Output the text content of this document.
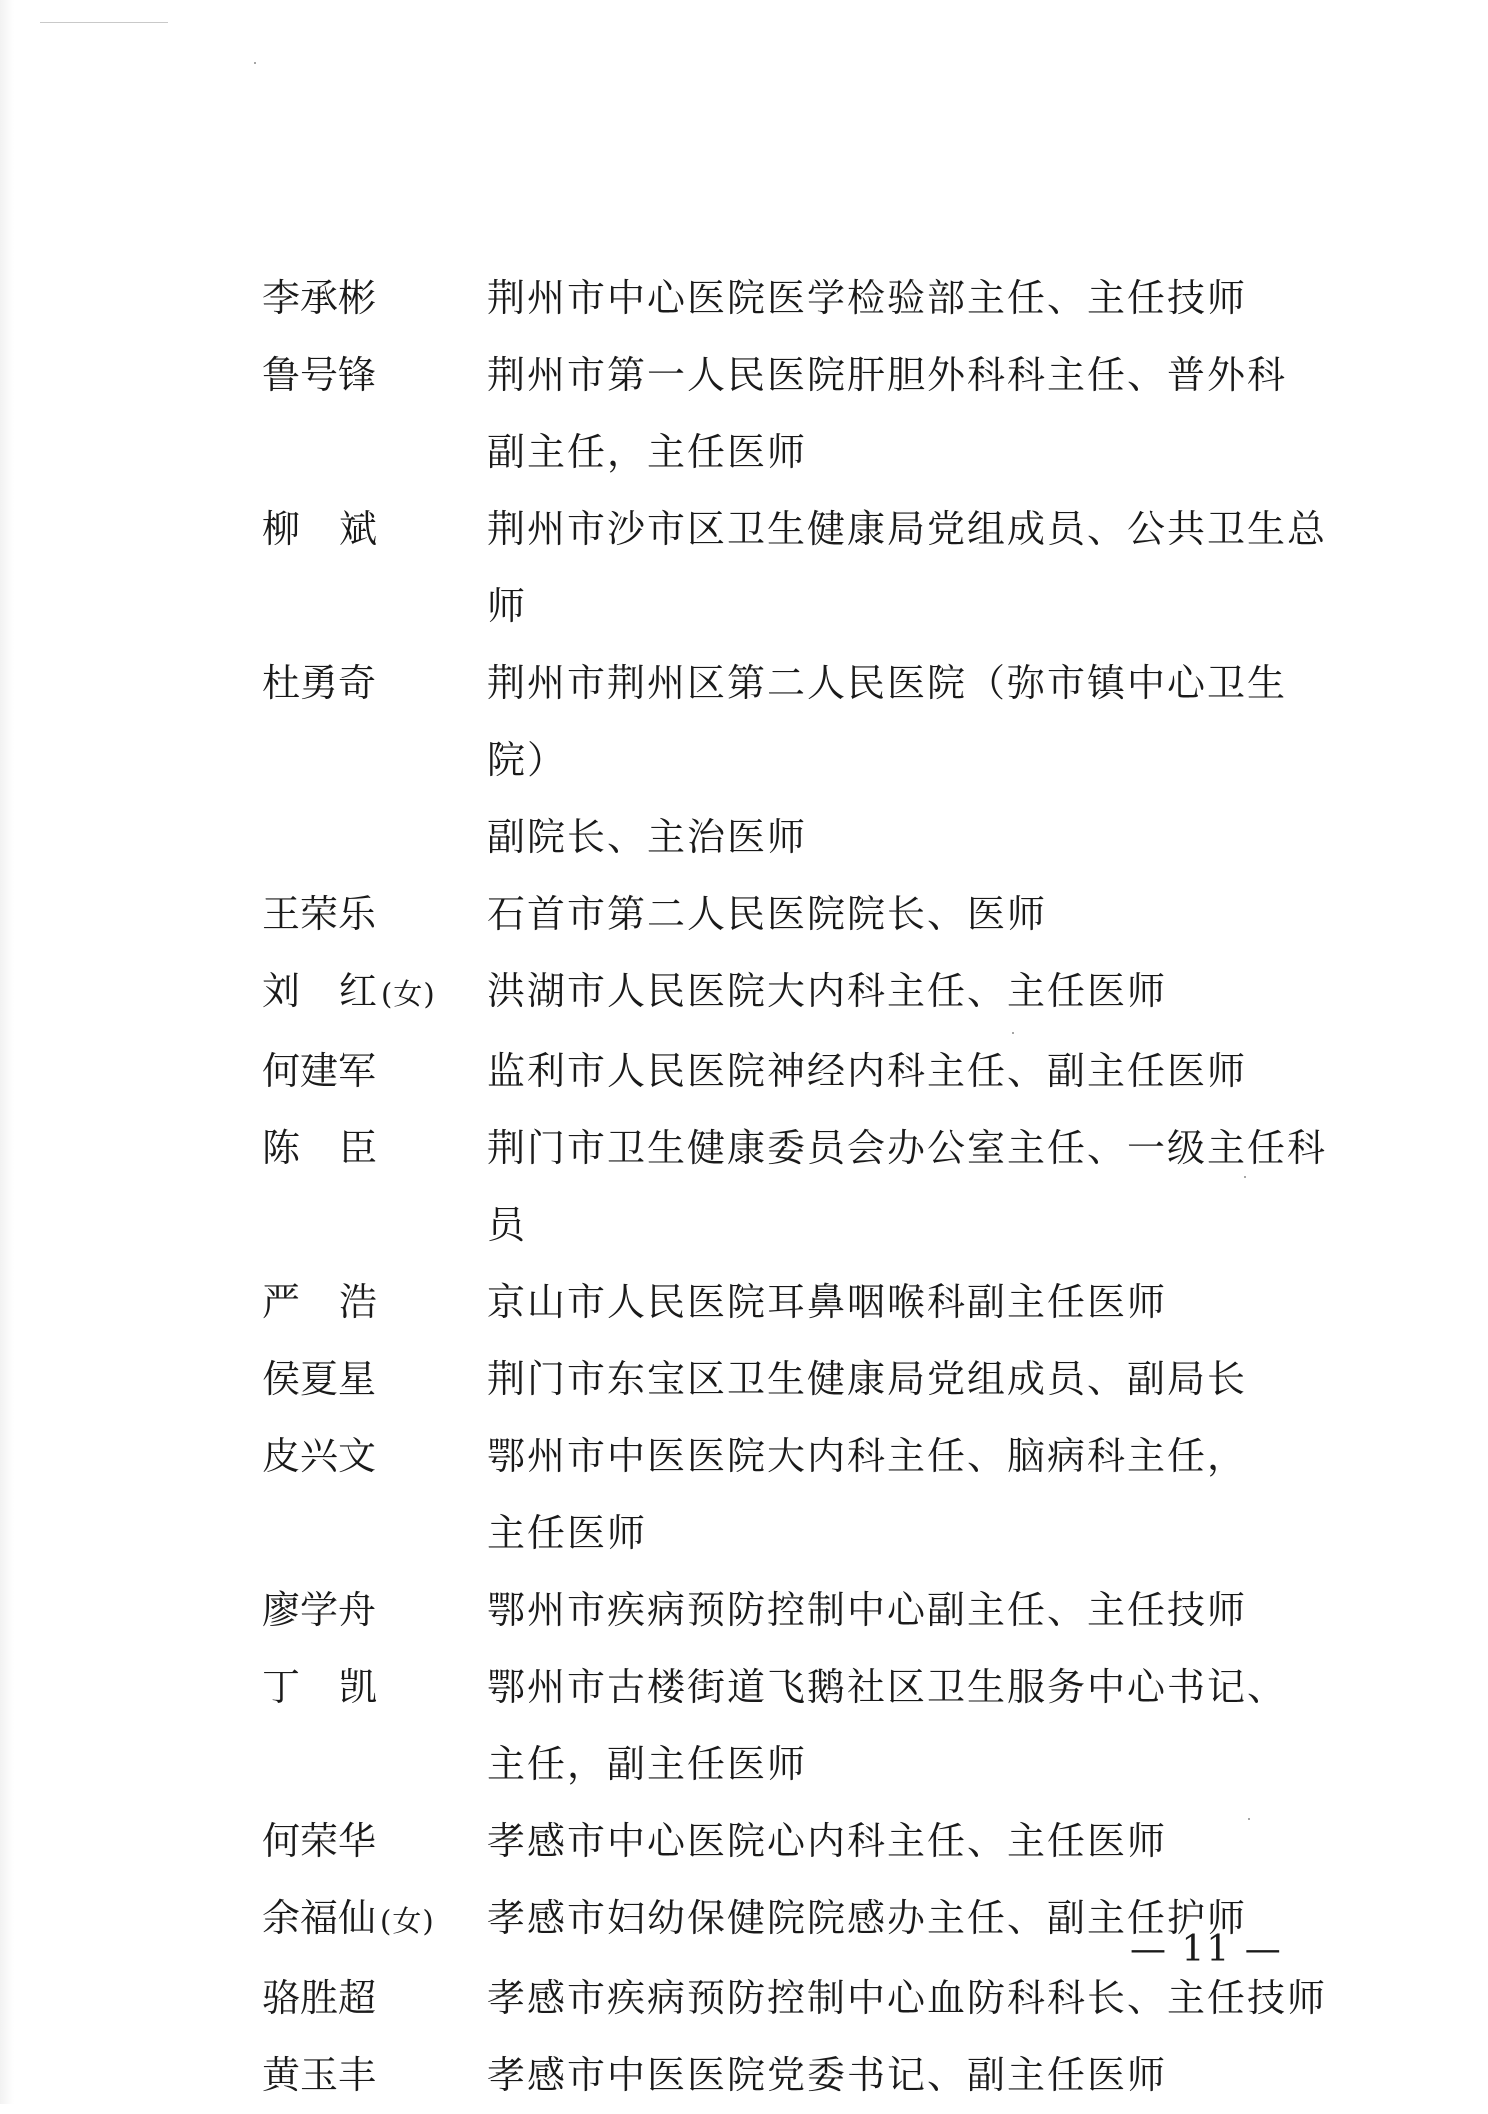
李 承 彬	荆州市中心医院医学检验部主任、主任技师
鲁 号 锋	荆州市第一人民医院肝胆外科科主任、普外科
副主任，主任医师
柳 斌	荆州市沙市区卫生健康局党组成员、公共卫生总师
杜 勇 奇	荆州市荆州区第二人民医院（弥市镇中心卫生院）
副院长、主治医师
王 荣 乐	石首市第二人民医院院长、医师
刘 红 (女) 洪湖市人民医院大内科主任、主任医师
何 建 军	监利市人民医院神经内科主任、副主任医师
陈 臣	荆门市卫生健康委员会办公室主任、一级主任科员
严 浩	京山市人民医院耳鼻咽喉科副主任医师
侯 夏 星	荆门市东宝区卫生健康局党组成员、副局长
皮 兴 文	鄂州市中医医院大内科主任、脑病科主任，
主任医师
廖 学 舟	鄂州市疾病预防控制中心副主任、主任技师
丁 凯	鄂州市古楼街道飞鹅社区卫生服务中心书记、
主任，副主任医师
何 荣 华	孝感市中心医院心内科主任、主任医师
余 福 仙 (女) 孝感市妇幼保健院院感办主任、副主任护师
骆 胜 超	孝感市疾病预防控制中心血防科科长、主任技师
黄 玉 丰	孝感市中医医院党委书记、副主任医师
— 11 —
